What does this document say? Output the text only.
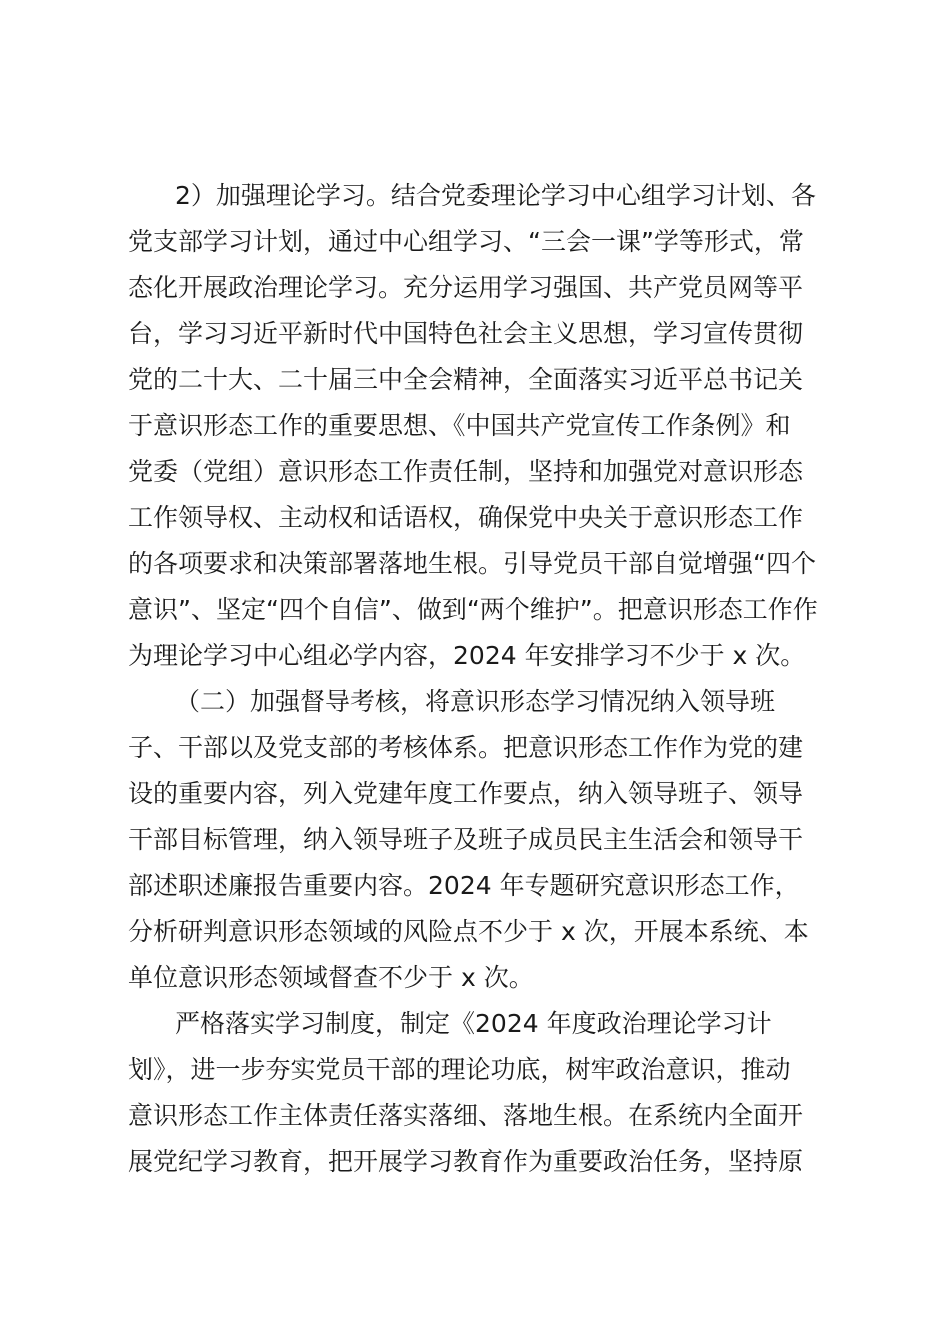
2）加强理论学习。结合党委理论学习中心组学习计划、各
党支部学习计划，通过中心组学习、“三会一课”学等形式，常
态化开展政治理论学习。充分运用学习强国、共产党员网等平
台，学习习近平新时代中国特色社会主义思想，学习宣传贯彻
党的二十大、二十届三中全会精神，全面落实习近平总书记关
于意识形态工作的重要思想、《中国共产党宣传工作条例》和
党委（党组）意识形态工作责任制，坚持和加强党对意识形态
工作领导权、主动权和话语权，确保党中央关于意识形态工作
的各项要求和决策部署落地生根。引导党员干部自觉增强“四个
意识”、坚定“四个自信”、做到“两个维护”。把意识形态工作作
为理论学习中心组必学内容，2024 年安排学习不少于 x 次。
（二）加强督导考核，将意识形态学习情况纳入领导班
子、干部以及党支部的考核体系。把意识形态工作作为党的建
设的重要内容，列入党建年度工作要点，纳入领导班子、领导
干部目标管理，纳入领导班子及班子成员民主生活会和领导干
部述职述廉报告重要内容。2024 年专题研究意识形态工作，
分析研判意识形态领域的风险点不少于 x 次，开展本系统、本
单位意识形态领域督查不少于 x 次。
严格落实学习制度，制定《2024 年度政治理论学习计
划》，进一步夯实党员干部的理论功底，树牢政治意识，推动
意识形态工作主体责任落实落细、落地生根。在系统内全面开
展党纪学习教育，把开展学习教育作为重要政治任务，坚持原
